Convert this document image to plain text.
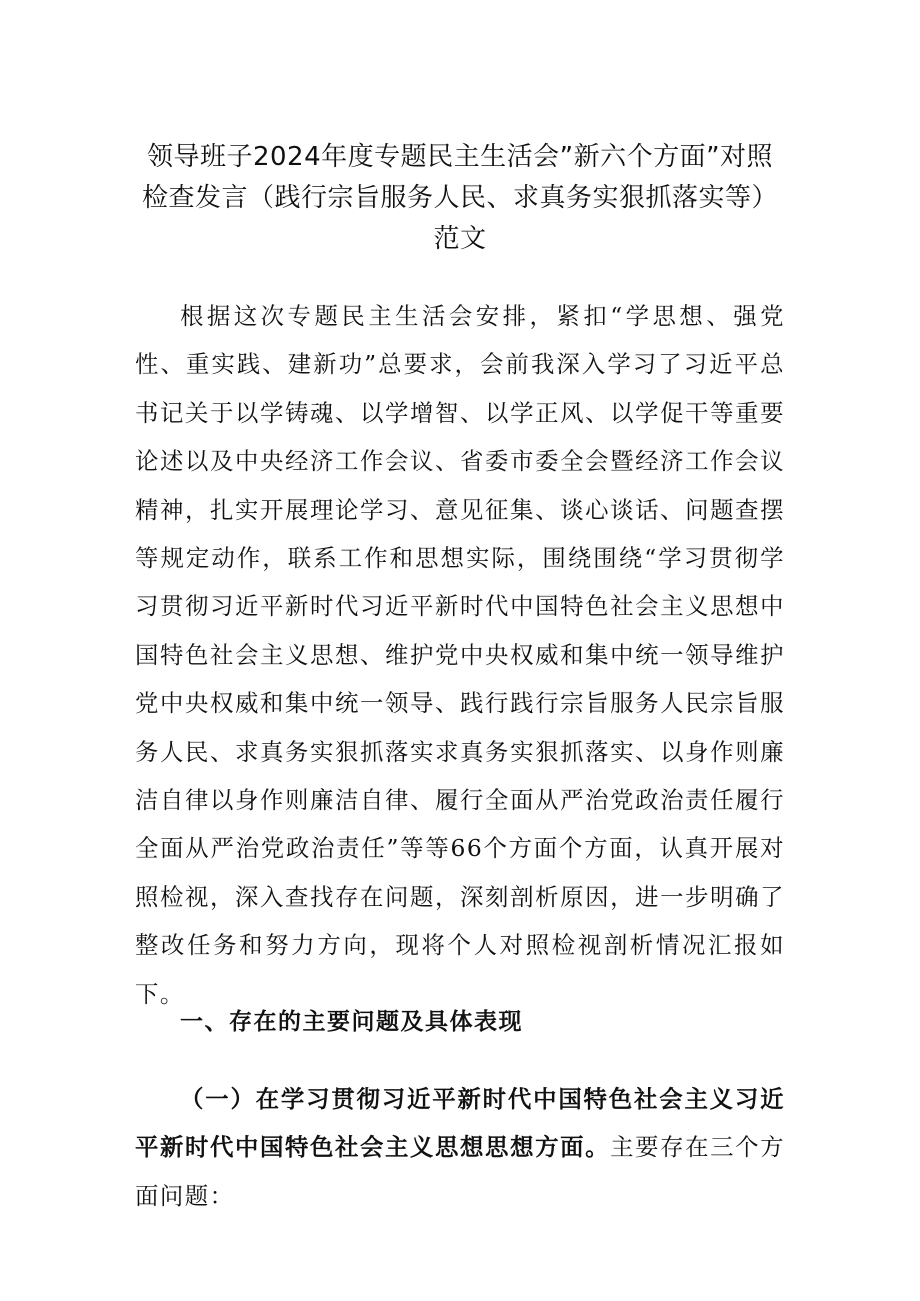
领导班子2024年度专题民主生活会”新六个方面”对照检查发言（践行宗旨服务人民、求真务实狠抓落实等）范文

根据这次专题民主生活会安排，紧扣“学思想、强党性、重实践、建新功”总要求，会前我深入学习了习近平总书记关于以学铸魂、以学增智、以学正风、以学促干等重要论述以及中央经济工作会议、省委市委全会暨经济工作会议精神，扎实开展理论学习、意见征集、谈心谈话、问题查摆等规定动作，联系工作和思想实际，围绕围绕“学习贯彻学习贯彻习近平新时代习近平新时代中国特色社会主义思想中国特色社会主义思想、维护党中央权威和集中统一领导维护党中央权威和集中统一领导、践行践行宗旨服务人民宗旨服务人民、求真务实狠抓落实求真务实狠抓落实、以身作则廉洁自律以身作则廉洁自律、履行全面从严治党政治责任履行全面从严治党政治责任”等等66个方面个方面，认真开展对照检视，深入查找存在问题，深刻剖析原因，进一步明确了整改任务和努力方向，现将个人对照检视剖析情况汇报如下。

一、存在的主要问题及具体表现

（一）在学习贯彻习近平新时代中国特色社会主义习近平新时代中国特色社会主义思想思想方面。主要存在三个方面问题：
